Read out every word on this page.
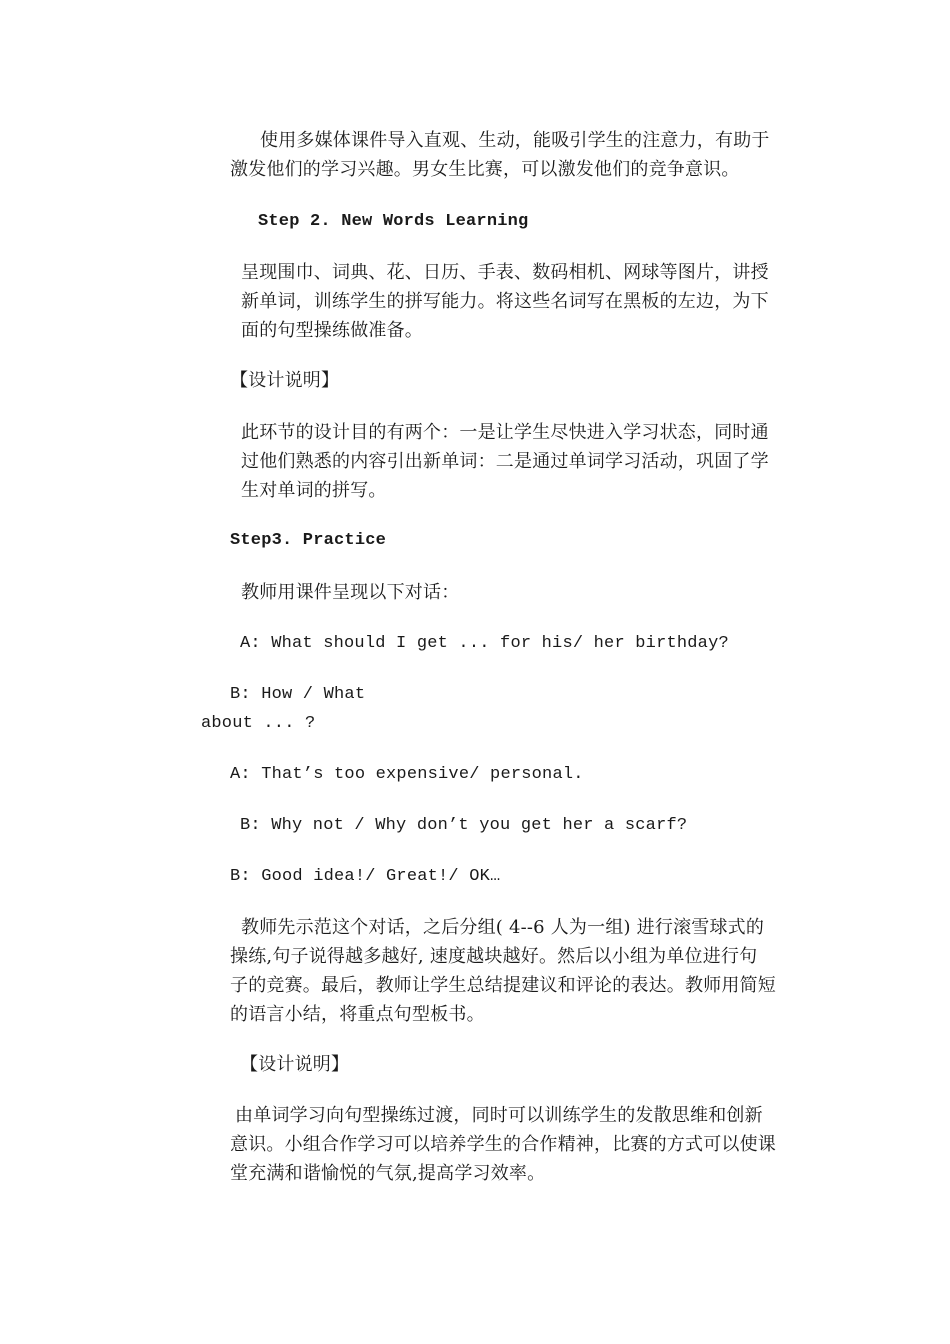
使用多媒体课件导入直观、生动，能吸引学生的注意力，有助于
激发他们的学习兴趣。男女生比赛，可以激发他们的竞争意识。
Step 2. New Words Learning
呈现围巾、词典、花、日历、手表、数码相机、网球等图片，讲授
新单词，训练学生的拼写能力。将这些名词写在黑板的左边，为下
面的句型操练做准备。
【设计说明】
此环节的设计目的有两个：一是让学生尽快进入学习状态，同时通
过他们熟悉的内容引出新单词：二是通过单词学习活动，巩固了学
生对单词的拼写。
Step3. Practice
教师用课件呈现以下对话：
A: What should I get ... for his/ her birthday?
B: How / What
about ... ?
A: That’s too expensive/ personal.
B: Why not / Why don’t you get her a scarf?
B: Good idea!/ Great!/ OK…
教师先示范这个对话，之后分组( 4--6 人为一组) 进行滚雪球式的
操练,句子说得越多越好, 速度越块越好。然后以小组为单位进行句
子的竞赛。最后，教师让学生总结提建议和评论的表达。教师用简短
的语言小结，将重点句型板书。
【设计说明】
由单词学习向句型操练过渡，同时可以训练学生的发散思维和创新
意识。小组合作学习可以培养学生的合作精神，比赛的方式可以使课
堂充满和谐愉悦的气氛,提高学习效率。
